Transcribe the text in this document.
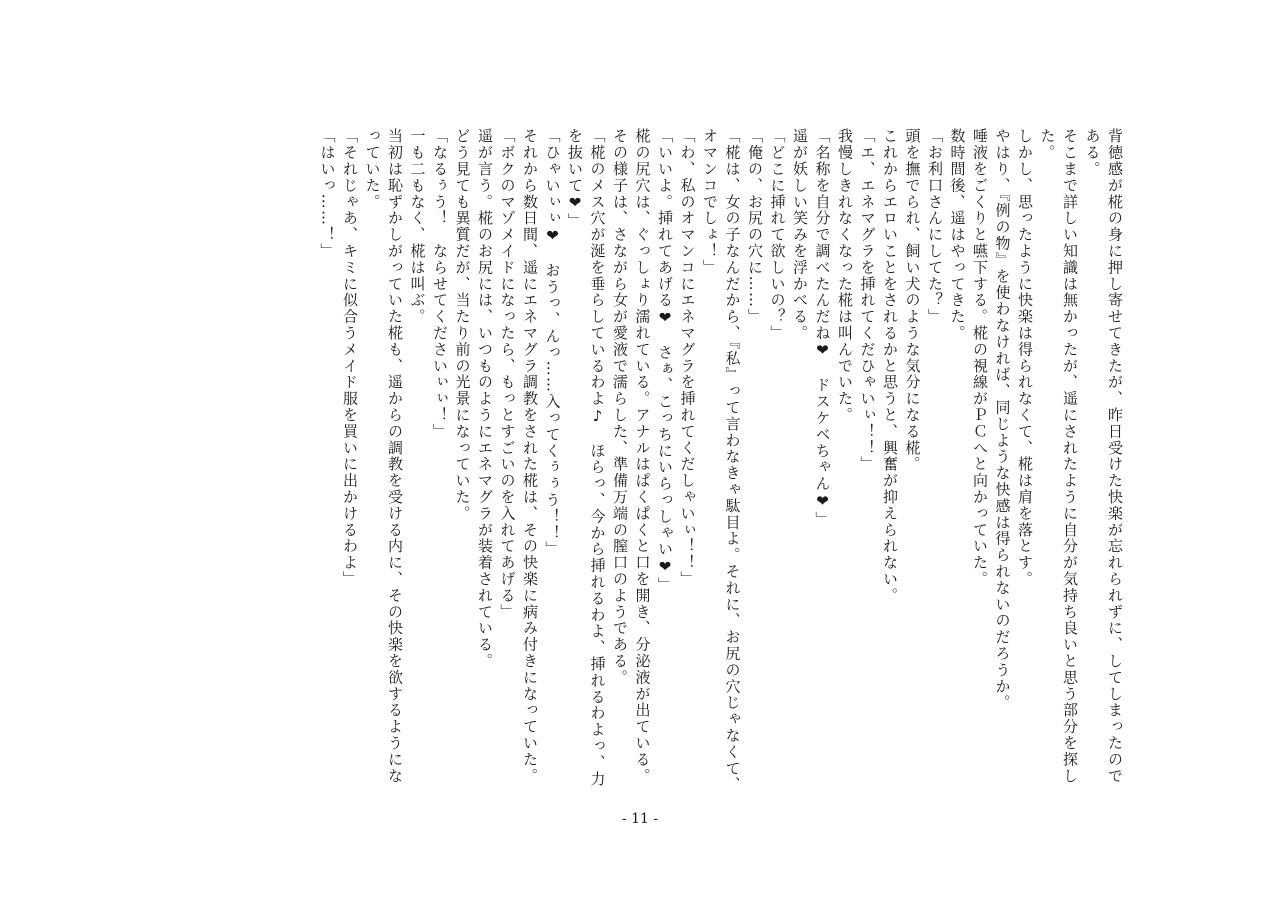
背徳感が椛の身に押し寄せてきたが、昨日受けた快楽が忘れられずに、してしまったので
ある。
そこまで詳しい知識は無かったが、遥にされたように自分が気持ち良いと思う部分を探し
た。
しかし、思ったように快楽は得られなくて、椛は肩を落とす。
やはり、『例の物』を使わなければ、同じような快感は得られないのだろうか。
唾液をごくりと嚥下する。椛の視線がＰＣへと向かっていた。
数時間後、遥はやってきた。
「お利口さんにしてた？」
頭を撫でられ、飼い犬のような気分になる椛。
これからエロいことをされるかと思うと、興奮が抑えられない。
「エ、エネマグラを挿れてくだひゃいぃ！！」
我慢しきれなくなった椛は叫んでいた。
「名称を自分で調べたんだね❤　ドスケベちゃん❤」
遥が妖しい笑みを浮かべる。
「どこに挿れて欲しいの？」
「俺の、お尻の穴に……」
「椛は、女の子なんだから、『私』って言わなきゃ駄目よ。それに、お尻の穴じゃなくて、
オマンコでしょ！」
「わ、私のオマンコにエネマグラを挿れてくだしゃいぃ！！」
「いいよ。挿れてあげる❤　さぁ、こっちにいらっしゃい❤」
椛の尻穴は、ぐっしょり濡れている。アナルはぱくぱくと口を開き、分泌液が出ている。
その様子は、さながら女が愛液で濡らした、準備万端の膣口のようである。
「椛のメス穴が涎を垂らしているわよ♪　ほらっ、今から挿れるわよ、挿れるわよっ、力
を抜いて❤」
「ひゃいぃぃ❤　おうっ、んっ……入ってくぅぅう！！」
それから数日間、遥にエネマグラ調教をされた椛は、その快楽に病み付きになっていた。
「ボクのマゾメイドになったら、もっとすごいのを入れてあげる」
遥が言う。椛のお尻には、いつものようにエネマグラが装着されている。
どう見ても異質だが、当たり前の光景になっていた。
「なるぅう！　ならせてくださいぃぃ！」
一も二もなく、椛は叫ぶ。
当初は恥ずかしがっていた椛も、遥からの調教を受ける内に、その快楽を欲するようにな
っていた。
「それじゃあ、キミに似合うメイド服を買いに出かけるわよ」
「はいっ……！」
- 11 -
